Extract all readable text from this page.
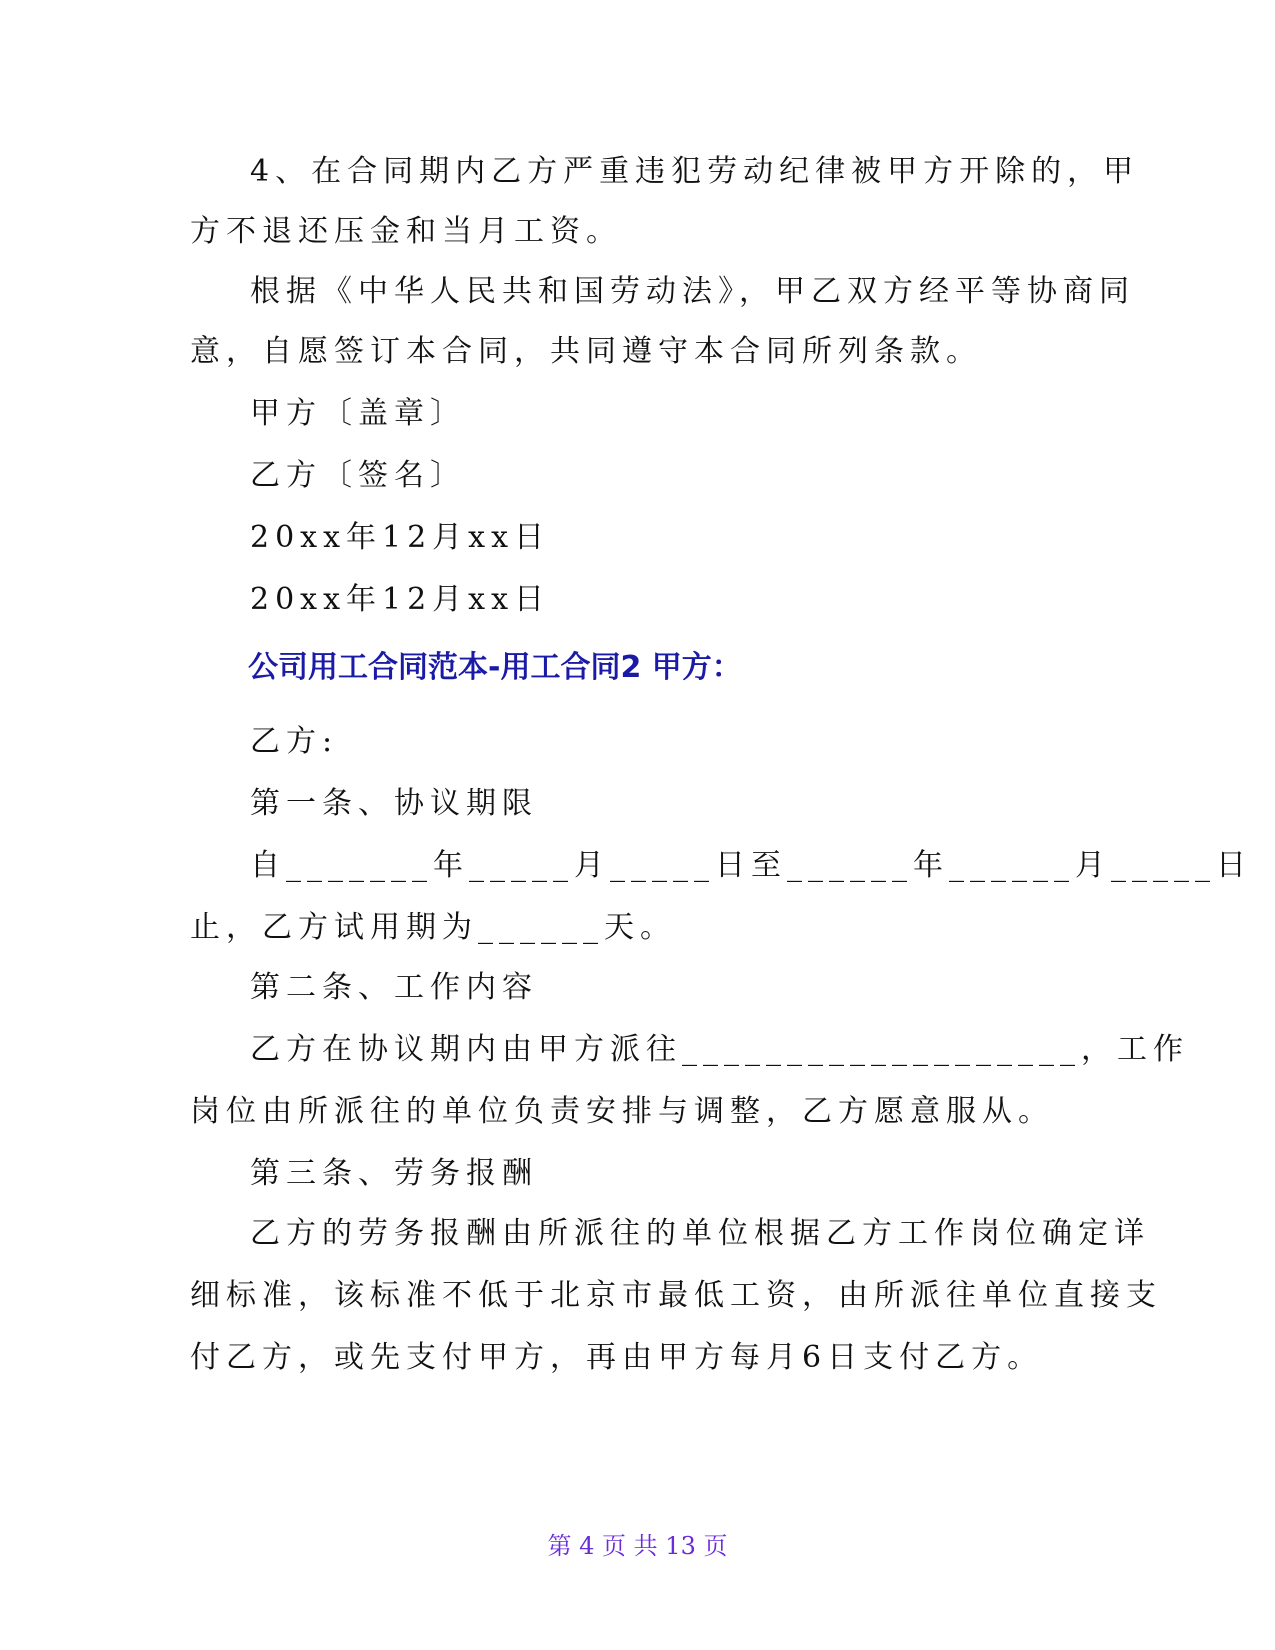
4、在合同期内乙方严重违犯劳动纪律被甲方开除的，甲
方不退还压金和当月工资。
根据《中华人民共和国劳动法》，甲乙双方经平等协商同
意，自愿签订本合同，共同遵守本合同所列条款。
甲方〔盖章〕
乙方〔签名〕
20xx年12月xx日
20xx年12月xx日
公司用工合同范本-用工合同2 甲方：
乙方:
第一条、协议期限
自_______年_____月_____日至______年______月_____日
止，乙方试用期为______天。
第二条、工作内容
乙方在协议期内由甲方派往___________________，工作
岗位由所派往的单位负责安排与调整，乙方愿意服从。
第三条、劳务报酬
乙方的劳务报酬由所派往的单位根据乙方工作岗位确定详
细标准，该标准不低于北京市最低工资，由所派往单位直接支
付乙方，或先支付甲方，再由甲方每月6日支付乙方。
第 4 页 共 13 页
